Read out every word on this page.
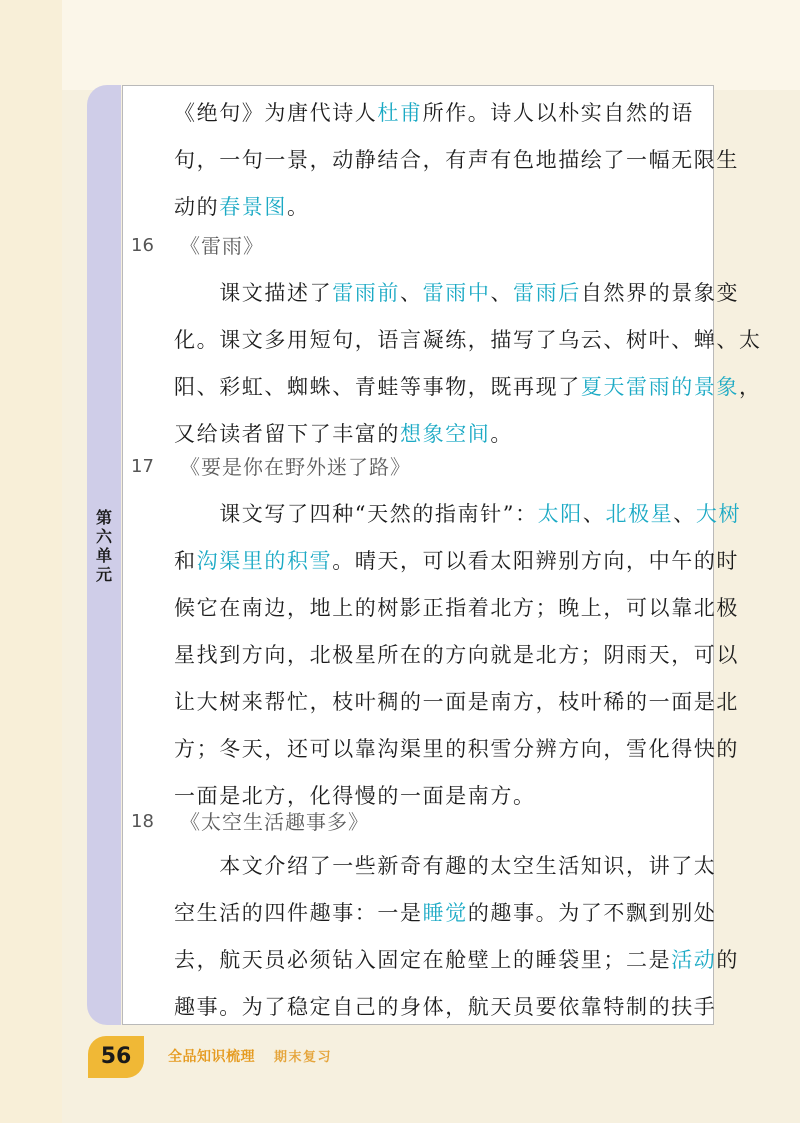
第
六
单
元

《绝句》为唐代诗人杜甫所作。诗人以朴实自然的语
句，一句一景，动静结合，有声有色地描绘了一幅无限生
动的春景图。

16 《雷雨》

　　课文描述了雷雨前、雷雨中、雷雨后自然界的景象变
化。课文多用短句，语言凝练，描写了乌云、树叶、蝉、太
阳、彩虹、蜘蛛、青蛙等事物，既再现了夏天雷雨的景象，
又给读者留下了丰富的想象空间。

17 《要是你在野外迷了路》

　　课文写了四种“天然的指南针”：太阳、北极星、大树
和沟渠里的积雪。晴天，可以看太阳辨别方向，中午的时
候它在南边，地上的树影正指着北方；晚上，可以靠北极
星找到方向，北极星所在的方向就是北方；阴雨天，可以
让大树来帮忙，枝叶稠的一面是南方，枝叶稀的一面是北
方；冬天，还可以靠沟渠里的积雪分辨方向，雪化得快的
一面是北方，化得慢的一面是南方。

18 《太空生活趣事多》

　　本文介绍了一些新奇有趣的太空生活知识，讲了太
空生活的四件趣事：一是睡觉的趣事。为了不飘到别处
去，航天员必须钻入固定在舱壁上的睡袋里；二是活动的
趣事。为了稳定自己的身体，航天员要依靠特制的扶手

56	全品知识梳理 期末复习
